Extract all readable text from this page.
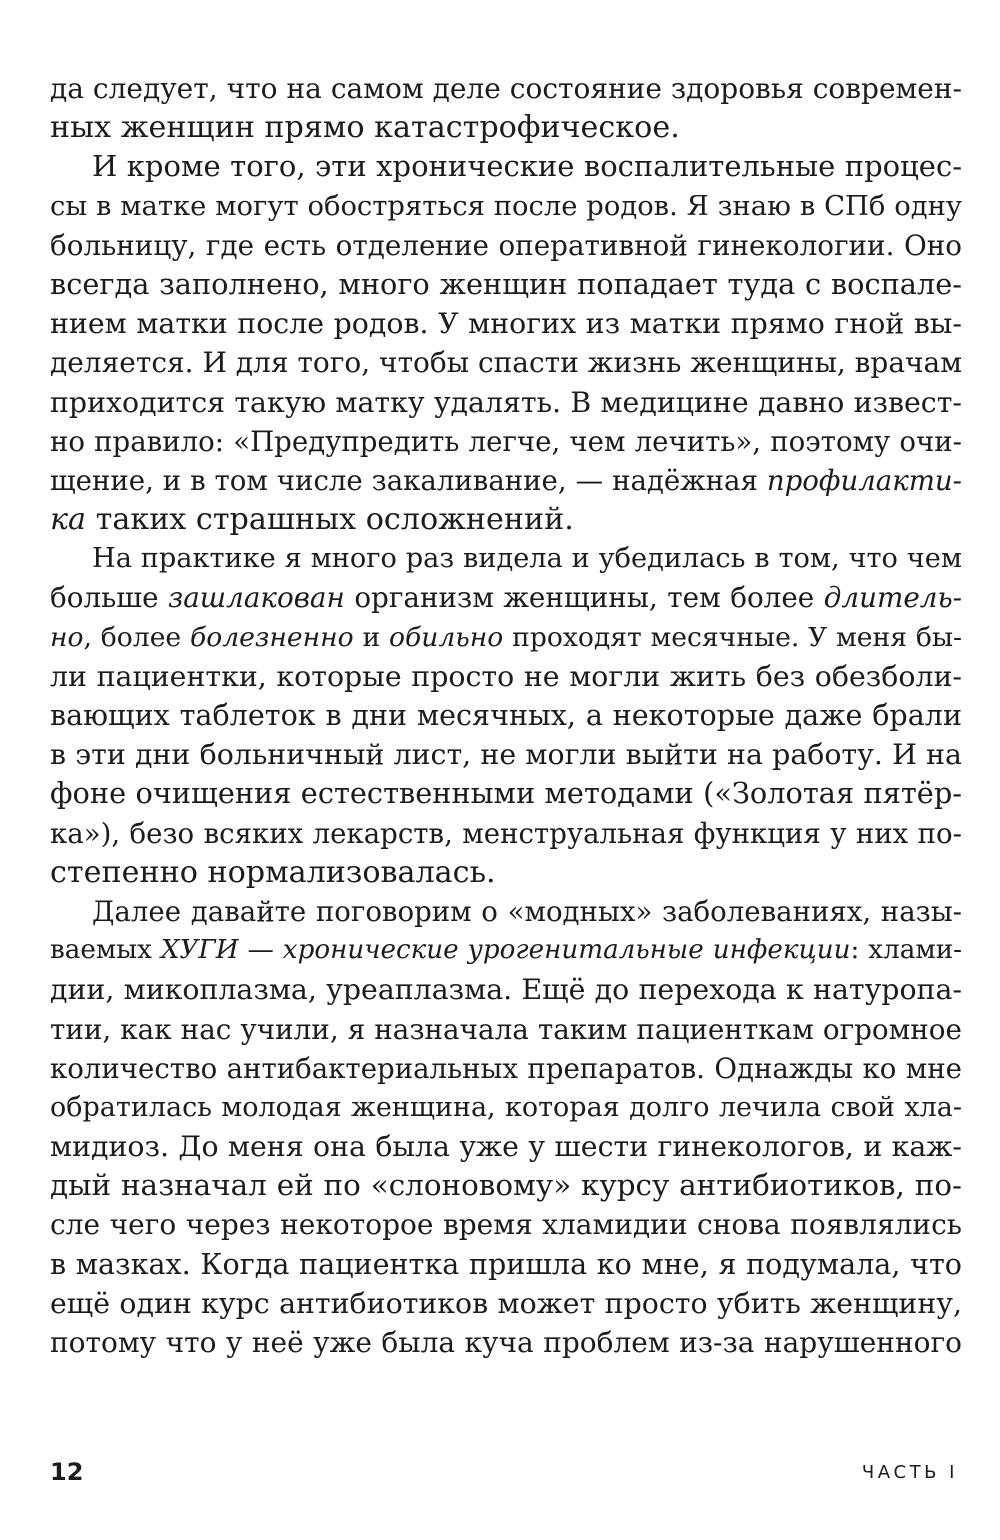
да следует, что на самом деле состояние здоровья современ-
ных женщин прямо катастрофическое.
И кроме того, эти хронические воспалительные процес-
сы в матке могут обостряться после родов. Я знаю в СПб одну
больницу, где есть отделение оперативной гинекологии. Оно
всегда заполнено, много женщин попадает туда с воспале-
нием матки после родов. У многих из матки прямо гной вы-
деляется. И для того, чтобы спасти жизнь женщины, врачам
приходится такую матку удалять. В медицине давно извест-
но правило: «Предупредить легче, чем лечить», поэтому очи-
щение, и в том числе закаливание, — надёжная профилакти-
ка таких страшных осложнений.
На практике я много раз видела и убедилась в том, что чем
больше зашлакован организм женщины, тем более длитель-
но, более болезненно и обильно проходят месячные. У меня бы-
ли пациентки, которые просто не могли жить без обезболи-
вающих таблеток в дни месячных, а некоторые даже брали
в эти дни больничный лист, не могли выйти на работу. И на
фоне очищения естественными методами («Золотая пятёр-
ка»), безо всяких лекарств, менструальная функция у них по-
степенно нормализовалась.
Далее давайте поговорим о «модных» заболеваниях, назы-
ваемых ХУГИ — хронические урогенитальные инфекции: хлами-
дии, микоплазма, уреаплазма. Ещё до перехода к натуропа-
тии, как нас учили, я назначала таким пациенткам огромное
количество антибактериальных препаратов. Однажды ко мне
обратилась молодая женщина, которая долго лечила свой хла-
мидиоз. До меня она была уже у шести гинекологов, и каж-
дый назначал ей по «слоновому» курсу антибиотиков, по-
сле чего через некоторое время хламидии снова появлялись
в мазках. Когда пациентка пришла ко мне, я подумала, что
ещё один курс антибиотиков может просто убить женщину,
потому что у неё уже была куча проблем из-за нарушенного
12	ЧАСТЬ I
